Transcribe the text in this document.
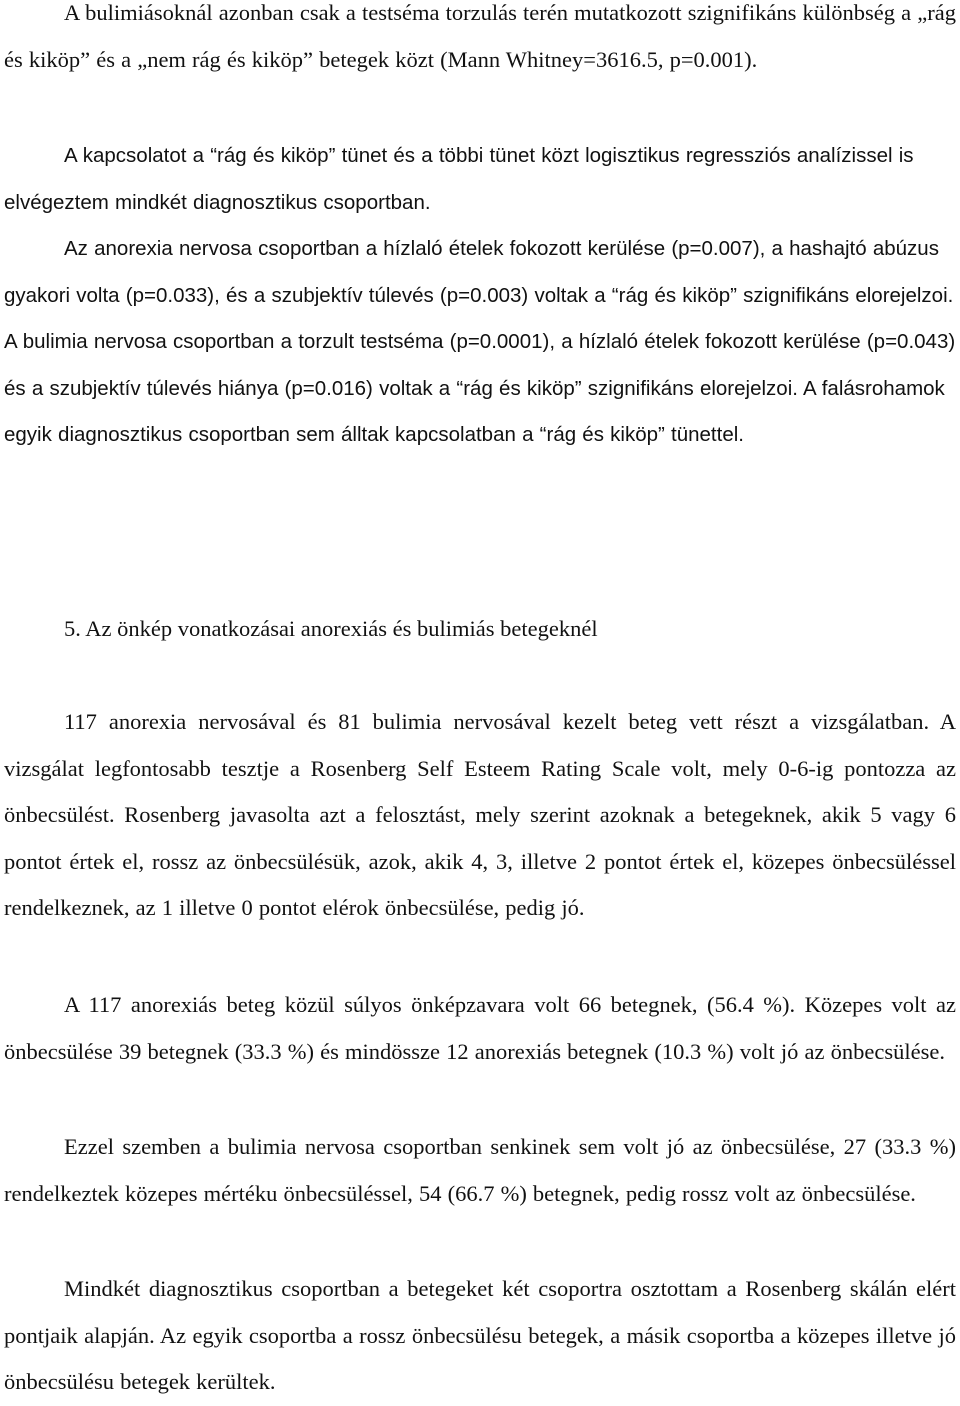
A bulimiásoknál azonban csak a testséma torzulás terén mutatkozott szignifikáns különbség a „rág és kiköp” és a „nem rág és kiköp” betegek közt (Mann Whitney=3616.5, p=0.001).

A kapcsolatot a “rág és kiköp” tünet és a többi tünet közt logisztikus regressziós analízissel is elvégeztem mindkét diagnosztikus csoportban.

Az anorexia nervosa csoportban a hízlaló ételek fokozott kerülése (p=0.007), a hashajtó abúzus gyakori volta (p=0.033), és a szubjektív túlevés (p=0.003) voltak a “rág és kiköp” szignifikáns elorejelzoi. A bulimia nervosa csoportban a torzult testséma (p=0.0001), a hízlaló ételek fokozott kerülése (p=0.043) és a szubjektív túlevés hiánya (p=0.016) voltak a “rág és kiköp” szignifikáns elorejelzoi. A falásrohamok egyik diagnosztikus csoportban sem álltak kapcsolatban a “rág és kiköp” tünettel.

5. Az önkép vonatkozásai anorexiás és bulimiás betegeknél

117 anorexia nervosával és 81 bulimia nervosával kezelt beteg vett részt a vizsgálatban. A vizsgálat legfontosabb tesztje a Rosenberg Self Esteem Rating Scale volt, mely 0-6-ig pontozza az önbecsülést. Rosenberg javasolta azt a felosztást, mely szerint azoknak a betegeknek, akik 5 vagy 6 pontot értek el, rossz az önbecsülésük, azok, akik 4, 3, illetve 2 pontot értek el, közepes önbecsüléssel rendelkeznek, az 1 illetve 0 pontot elérok önbecsülése, pedig jó.

A 117 anorexiás beteg közül súlyos önképzavara volt 66 betegnek, (56.4 %). Közepes volt az önbecsülése 39 betegnek (33.3 %) és mindössze 12 anorexiás betegnek (10.3 %) volt jó az önbecsülése.

Ezzel szemben a bulimia nervosa csoportban senkinek sem volt jó az önbecsülése, 27 (33.3 %) rendelkeztek közepes mértéku önbecsüléssel, 54 (66.7 %) betegnek, pedig rossz volt az önbecsülése.

Mindkét diagnosztikus csoportban a betegeket két csoportra osztottam a Rosenberg skálán elért pontjaik alapján. Az egyik csoportba a rossz önbecsülésu betegek, a másik csoportba a közepes illetve jó önbecsülésu betegek kerültek.
